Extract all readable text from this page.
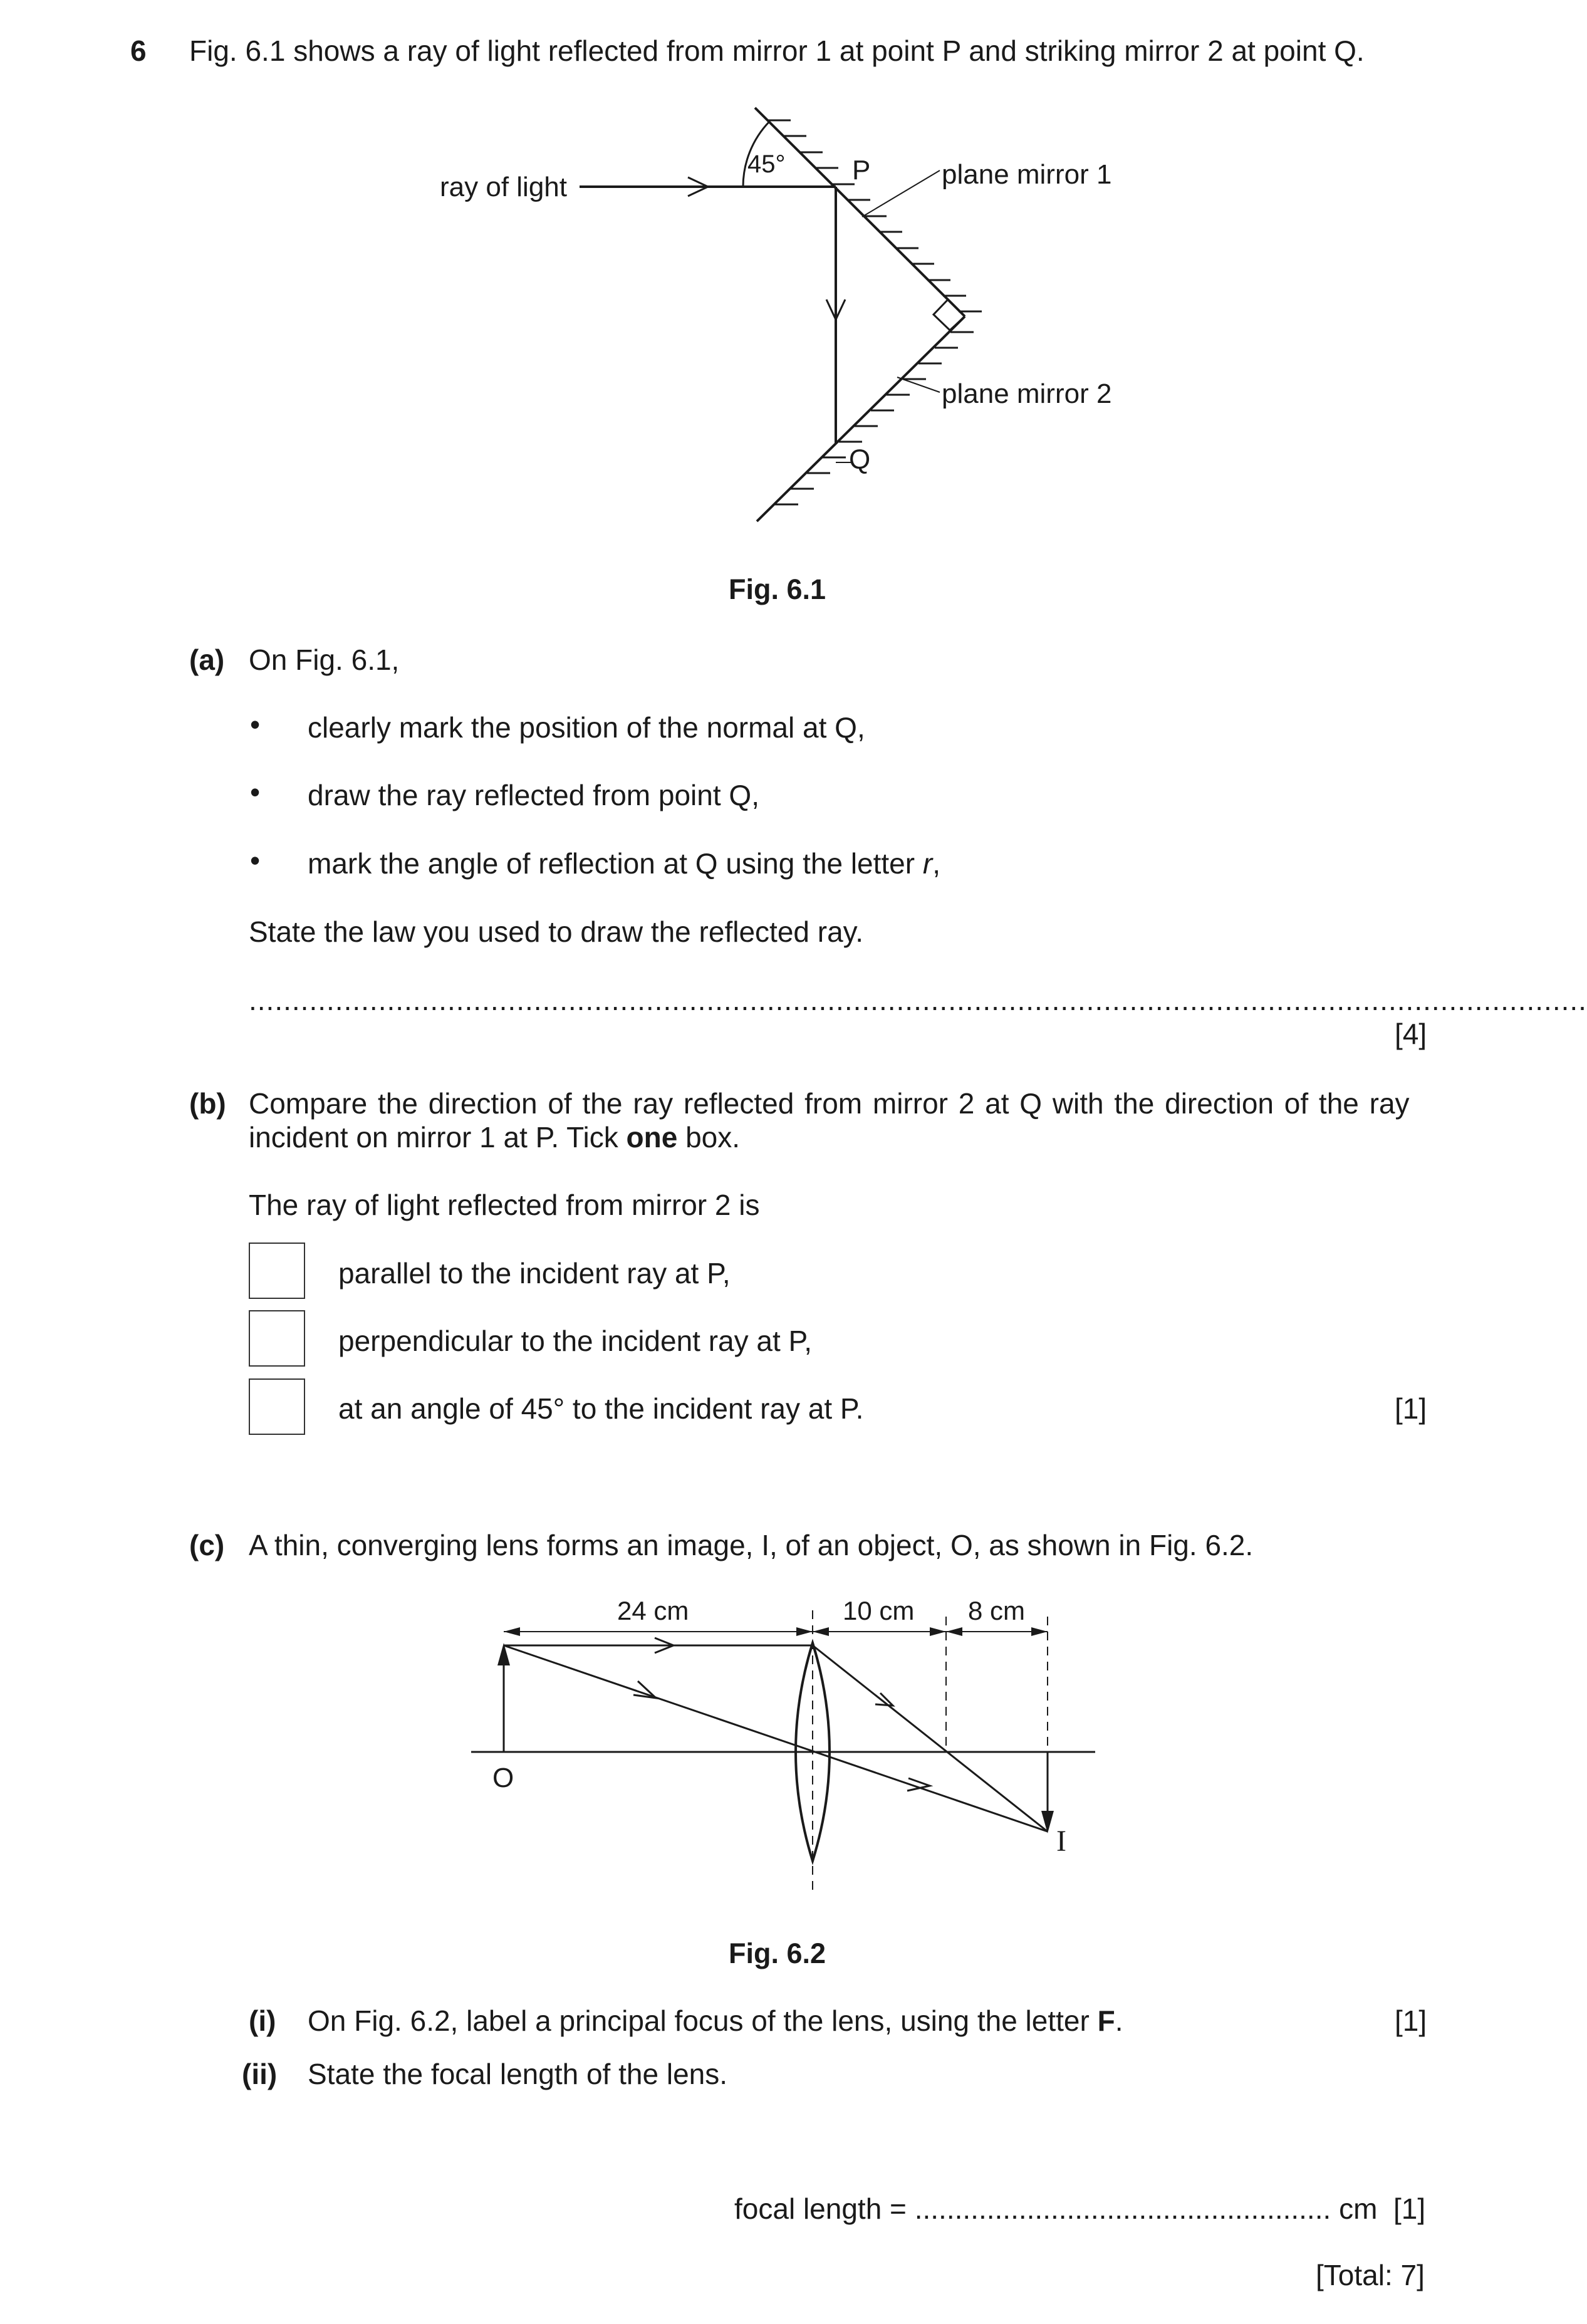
6 Fig. 6.1 shows a ray of light reflected from mirror 1 at point P and striking mirror 2 at point Q.
ray of light
45° P
Q
plane mirror 1
plane mirror 2
Fig. 6.1
(a) On Fig. 6.1,
• clearly mark the position of the normal at Q,
• draw the ray reflected from point Q,
• mark the angle of reflection at Q using the letter r,
State the law you used to draw the reflected ray.
...........................................................................................................................................................
[4]
(b) Compare the direction of the ray reflected from mirror 2 at Q with the direction of the ray
incident on mirror 1 at P. Tick one box.
The ray of light reflected from mirror 2 is
parallel to the incident ray at P,
perpendicular to the incident ray at P,
at an angle of 45° to the incident ray at P.	[1]
(c) A thin, converging lens forms an image, I, of an object, O, as shown in Fig. 6.2.
24 cm	10 cm 8 cm
O
I
Fig. 6.2
(i) On Fig. 6.2, label a principal focus of the lens, using the letter F.	[1]
(ii) State the focal length of the lens.
focal length = .................................................... cm [1]
[Total: 7]
